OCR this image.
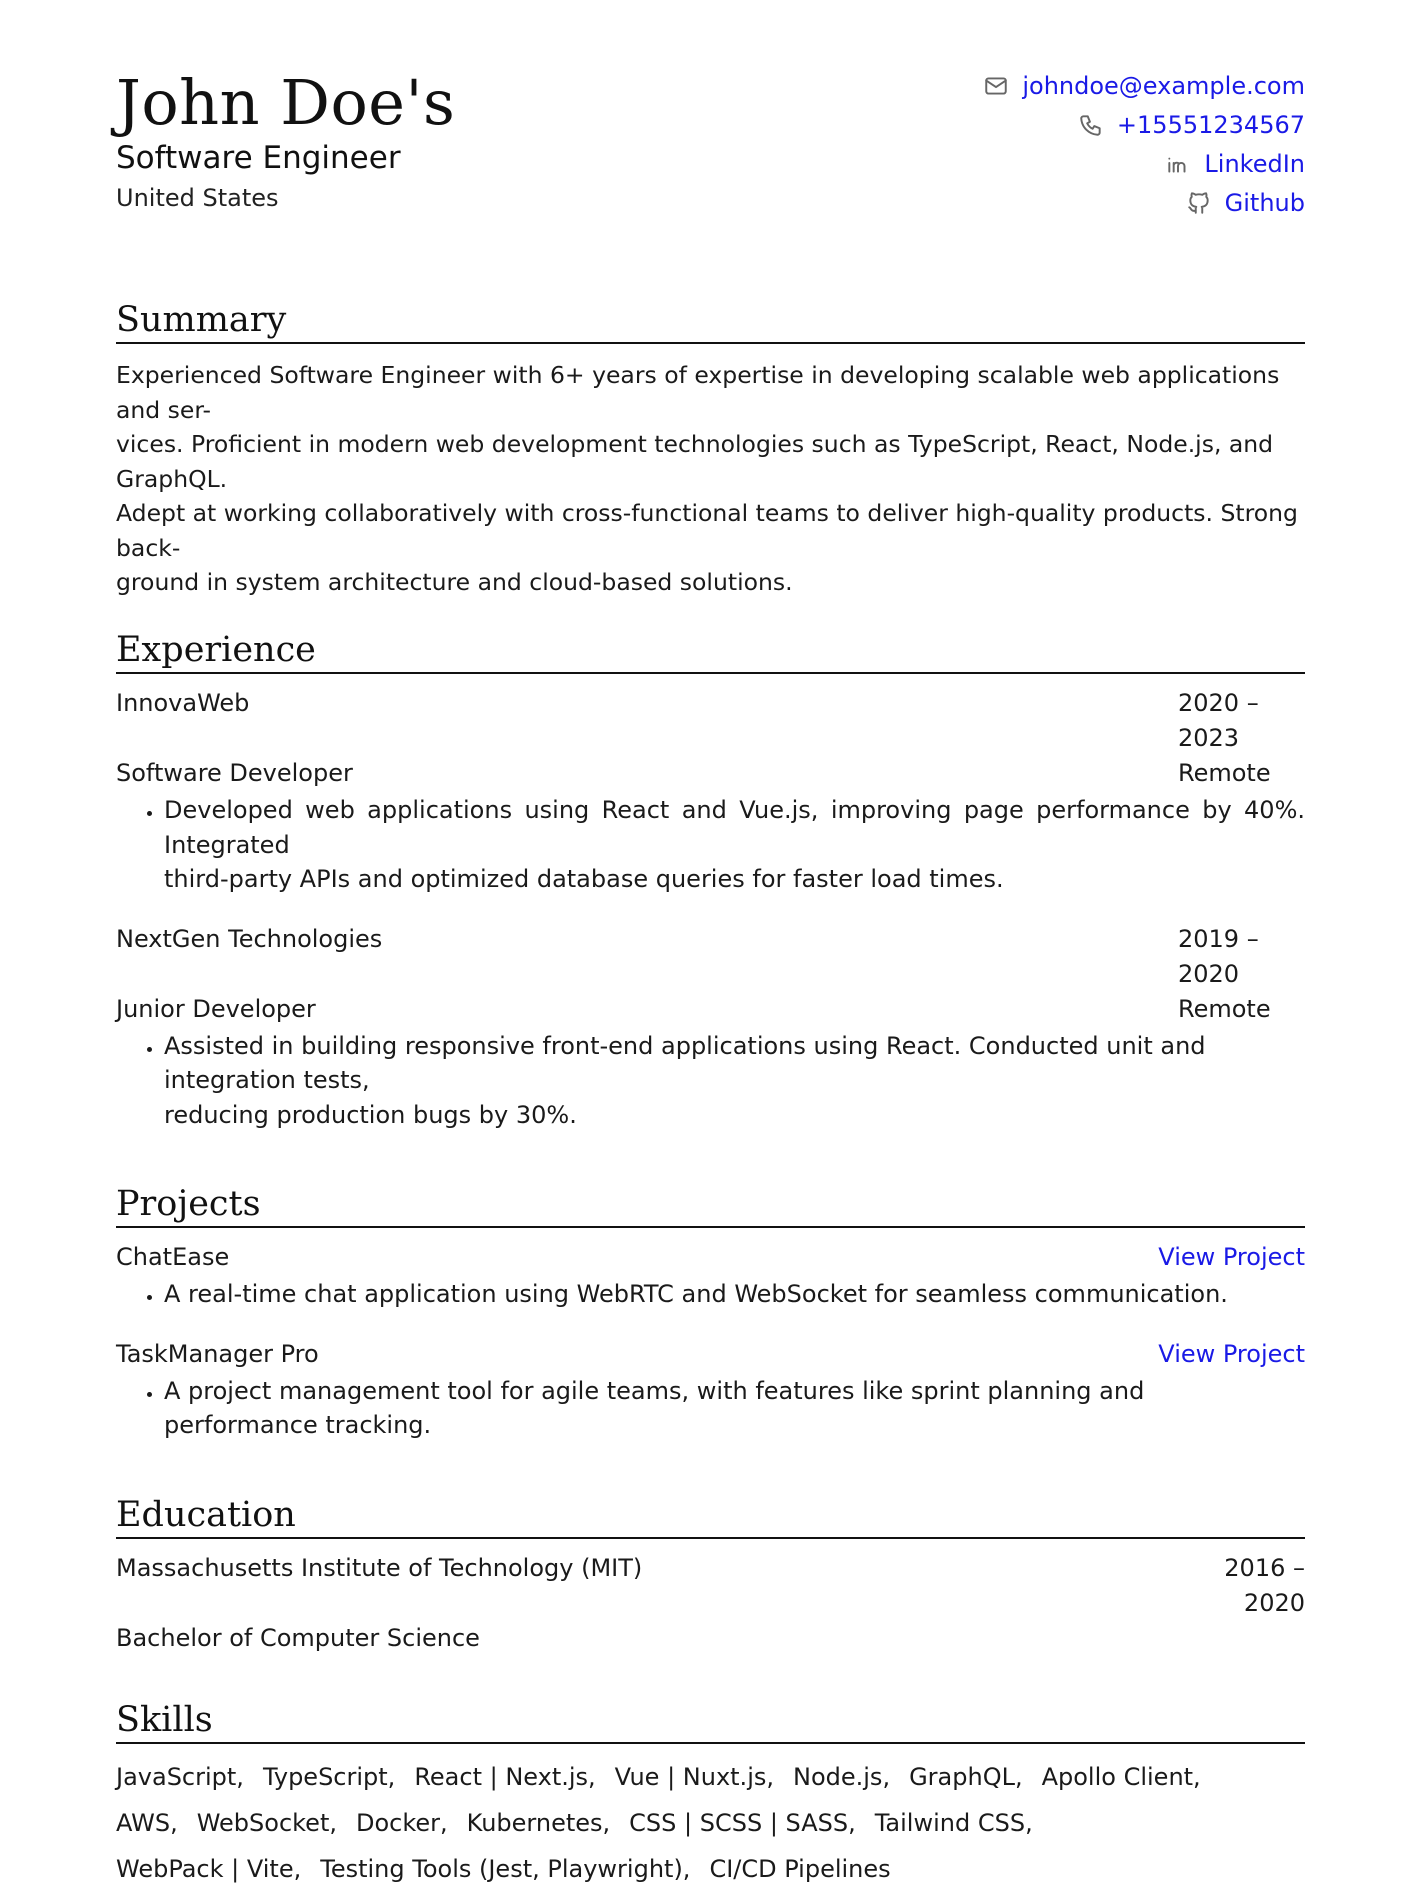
John Doe's
Software Engineer
United States
johndoe@example.com
+15551234567
LinkedIn
Github
Summary
Experienced Software Engineer with 6+ years of expertise in developing scalable web applications and ser-
vices. Proficient in modern web development technologies such as TypeScript, React, Node.js, and GraphQL.
Adept at working collaboratively with cross-functional teams to deliver high-quality products. Strong back-
ground in system architecture and cloud-based solutions.
Experience
InnovaWeb	2020 – 2023
Software Developer	Remote
• Developed web applications using React and Vue.js, improving page performance by 40%. Integrated
third-party APIs and optimized database queries for faster load times.
NextGen Technologies	2019 – 2020
Junior Developer	Remote
• Assisted in building responsive front-end applications using React. Conducted unit and integration tests,
reducing production bugs by 30%.
Projects
ChatEase	View Project
• A real-time chat application using WebRTC and WebSocket for seamless communication.
TaskManager Pro	View Project
• A project management tool for agile teams, with features like sprint planning and performance tracking.
Education
Massachusetts Institute of Technology (MIT)	2016 – 2020
Bachelor of Computer Science
Skills
JavaScript, TypeScript, React | Next.js, Vue | Nuxt.js, Node.js, GraphQL, Apollo Client,
AWS, WebSocket, Docker, Kubernetes, CSS | SCSS | SASS, Tailwind CSS,
WebPack | Vite, Testing Tools (Jest, Playwright), CI/CD Pipelines
